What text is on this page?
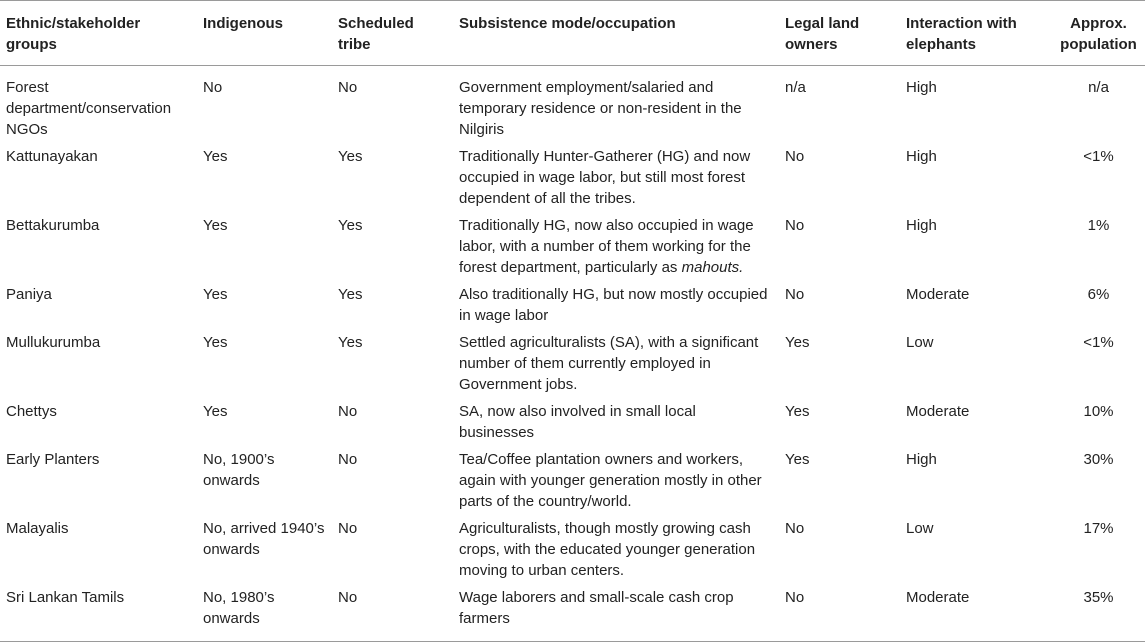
Ethnic/stakeholder groups	Indigenous	Scheduled tribe	Subsistence mode/occupation	Legal land owners	Interaction with elephants	Approx. population
Forest department/conservation NGOs	No	No	Government employment/salaried and temporary residence or non-resident in the Nilgiris	n/a	High	n/a
Kattunayakan	Yes	Yes	Traditionally Hunter-Gatherer (HG) and now occupied in wage labor, but still most forest dependent of all the tribes.	No	High	<1%
Bettakurumba	Yes	Yes	Traditionally HG, now also occupied in wage labor, with a number of them working for the forest department, particularly as mahouts.	No	High	1%
Paniya	Yes	Yes	Also traditionally HG, but now mostly occupied in wage labor	No	Moderate	6%
Mullukurumba	Yes	Yes	Settled agriculturalists (SA), with a significant number of them currently employed in Government jobs.	Yes	Low	<1%
Chettys	Yes	No	SA, now also involved in small local businesses	Yes	Moderate	10%
Early Planters	No, 1900’s onwards	No	Tea/Coffee plantation owners and workers, again with younger generation mostly in other parts of the country/world.	Yes	High	30%
Malayalis	No, arrived 1940’s onwards	No	Agriculturalists, though mostly growing cash crops, with the educated younger generation moving to urban centers.	No	Low	17%
Sri Lankan Tamils	No, 1980’s onwards	No	Wage laborers and small-scale cash crop farmers	No	Moderate	35%
